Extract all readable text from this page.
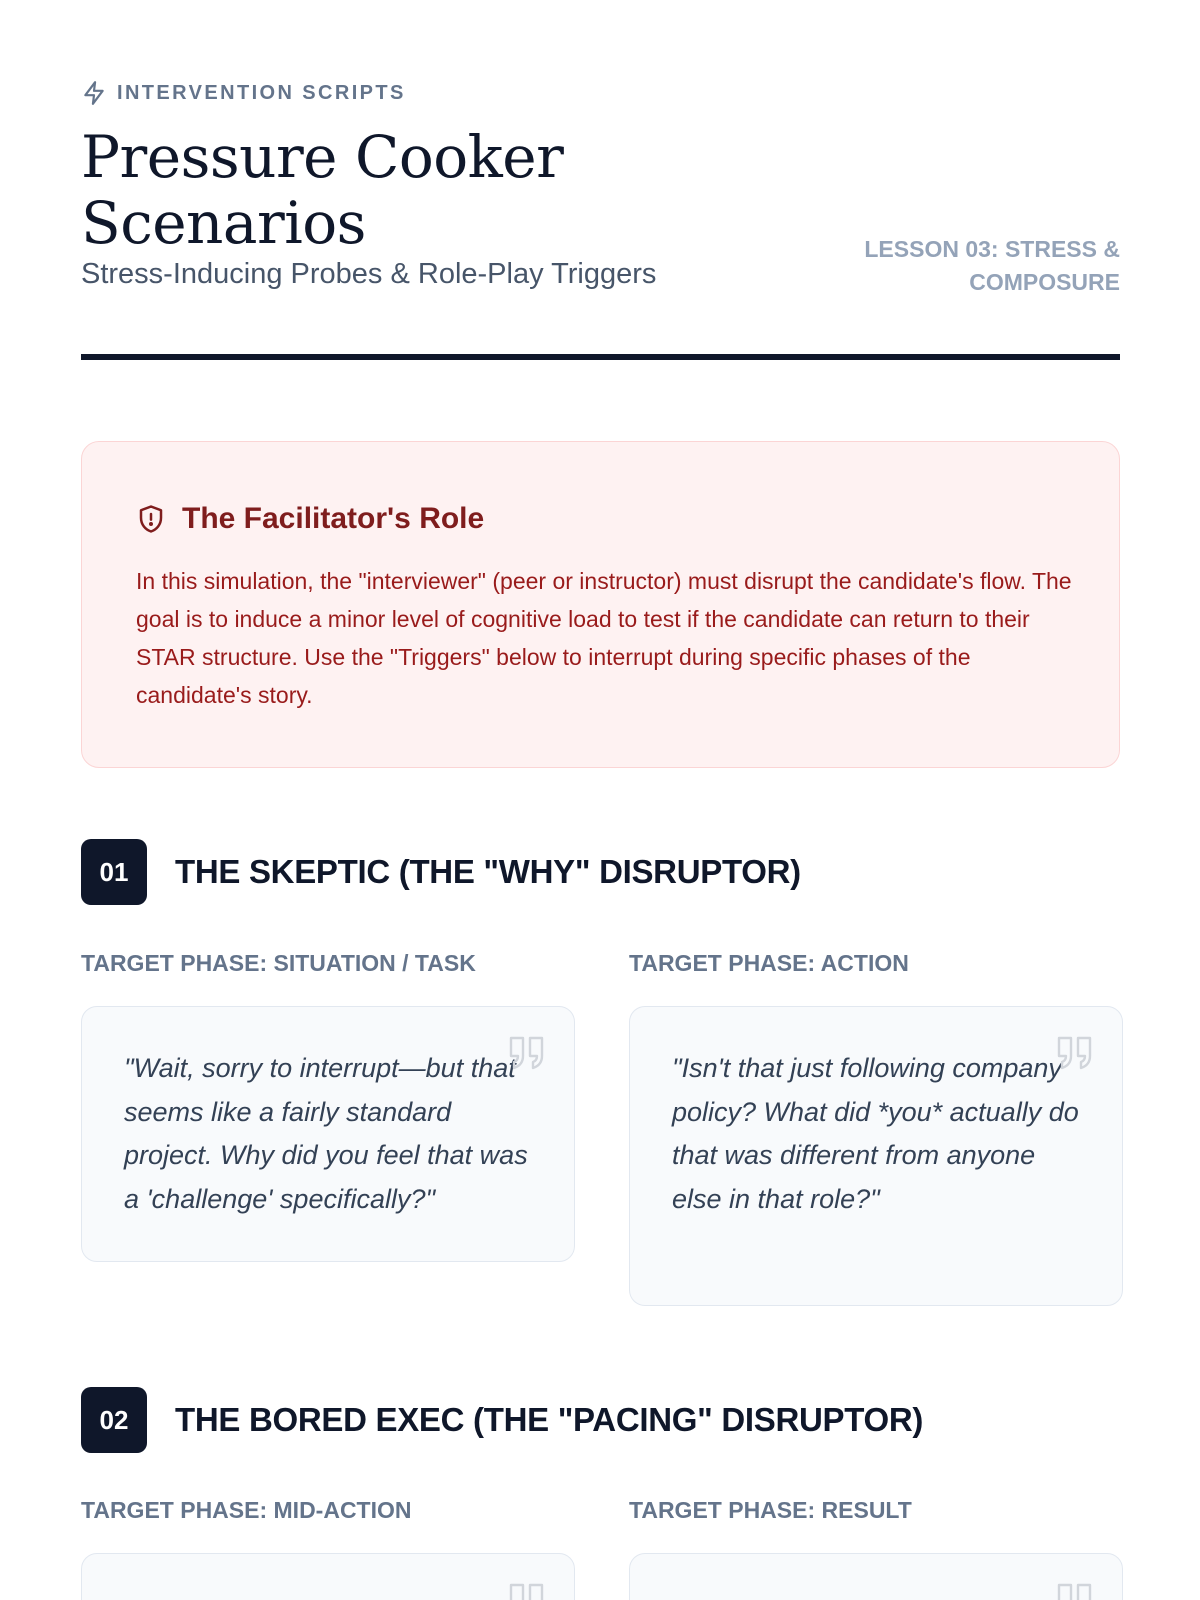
INTERVENTION SCRIPTS
Pressure Cooker Scenarios
Stress-Inducing Probes & Role-Play Triggers
LESSON 03: STRESS & COMPOSURE
The Facilitator's Role

In this simulation, the "interviewer" (peer or instructor) must disrupt the candidate's flow. The goal is to induce a minor level of cognitive load to test if the candidate can return to their STAR structure. Use the "Triggers" below to interrupt during specific phases of the candidate's story.

01	THE SKEPTIC (THE "WHY" DISRUPTOR)
TARGET PHASE: SITUATION / TASK	TARGET PHASE: ACTION

"Wait, sorry to interrupt—but that seems like a fairly standard project. Why did you feel that was a 'challenge' specifically?"

"Isn't that just following company policy? What did *you* actually do that was different from anyone else in that role?"

02	THE BORED EXEC (THE "PACING" DISRUPTOR)
TARGET PHASE: MID-ACTION	TARGET PHASE: RESULT
